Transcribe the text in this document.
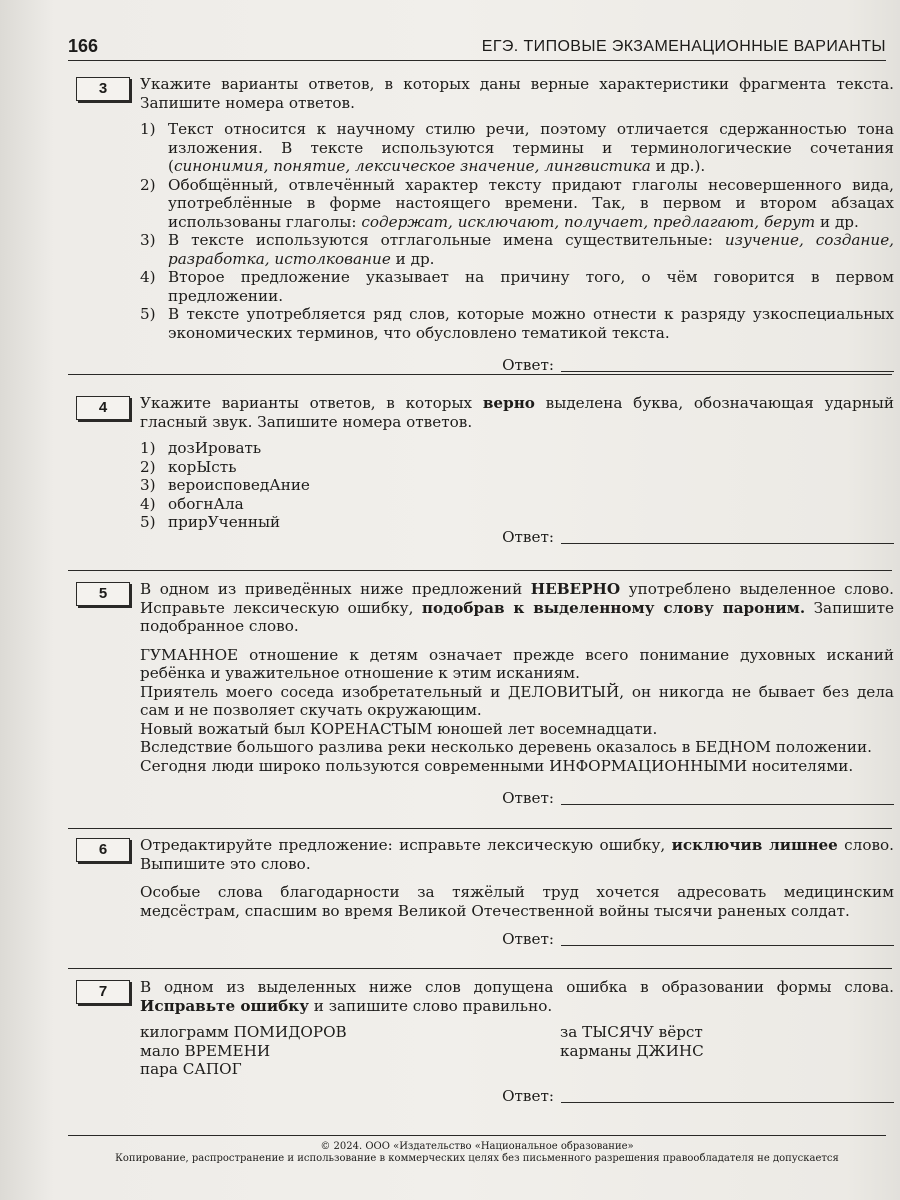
166	ЕГЭ. ТИПОВЫЕ ЭКЗАМЕНАЦИОННЫЕ ВАРИАНТЫ
3	Укажите варианты ответов, в которых даны верные характеристики фрагмента текста. Запишите номера ответов.
1) Текст относится к научному стилю речи, поэтому отличается сдержанностью тона изложения. В тексте используются термины и терминологические сочетания (синонимия, понятие, лексическое значение, лингвистика и др.).
2) Обобщённый, отвлечённый характер тексту придают глаголы несовершенного вида, употреблённые в форме настоящего времени. Так, в первом и втором абзацах использованы глаголы: содержат, исключают, получает, предлагают, берут и др.
3) В тексте используются отглагольные имена существительные: изучение, создание, разработка, истолкование и др.
4) Второе предложение указывает на причину того, о чём говорится в первом предложении.
5) В тексте употребляется ряд слов, которые можно отнести к разряду узкоспециальных экономических терминов, что обусловлено тематикой текста.
Ответ:
4	Укажите варианты ответов, в которых верно выделена буква, обозначающая ударный гласный звук. Запишите номера ответов.
1) дозИровать
2) корЫсть
3) вероисповедАние
4) обогнАла
5) прирУченный
Ответ:
5	В одном из приведённых ниже предложений НЕВЕРНО употреблено выделенное слово. Исправьте лексическую ошибку, подобрав к выделенному слову пароним. Запишите подобранное слово.
ГУМАННОЕ отношение к детям означает прежде всего понимание духовных исканий ребёнка и уважительное отношение к этим исканиям.
Приятель моего соседа изобретательный и ДЕЛОВИТЫЙ, он никогда не бывает без дела сам и не позволяет скучать окружающим.
Новый вожатый был КОРЕНАСТЫМ юношей лет восемнадцати.
Вследствие большого разлива реки несколько деревень оказалось в БЕДНОМ положении.
Сегодня люди широко пользуются современными ИНФОРМАЦИОННЫМИ носителями.
Ответ:
6	Отредактируйте предложение: исправьте лексическую ошибку, исключив лишнее слово. Выпишите это слово.
Особые слова благодарности за тяжёлый труд хочется адресовать медицинским медсёстрам, спасшим во время Великой Отечественной войны тысячи раненых солдат.
Ответ:
7	В одном из выделенных ниже слов допущена ошибка в образовании формы слова. Исправьте ошибку и запишите слово правильно.
килограмм ПОМИДОРОВ
мало ВРЕМЕНИ
пара САПОГ
за ТЫСЯЧУ вёрст
карманы ДЖИНС
Ответ:
© 2024. ООО «Издательство «Национальное образование»
Копирование, распространение и использование в коммерческих целях без письменного разрешения правообладателя не допускается
